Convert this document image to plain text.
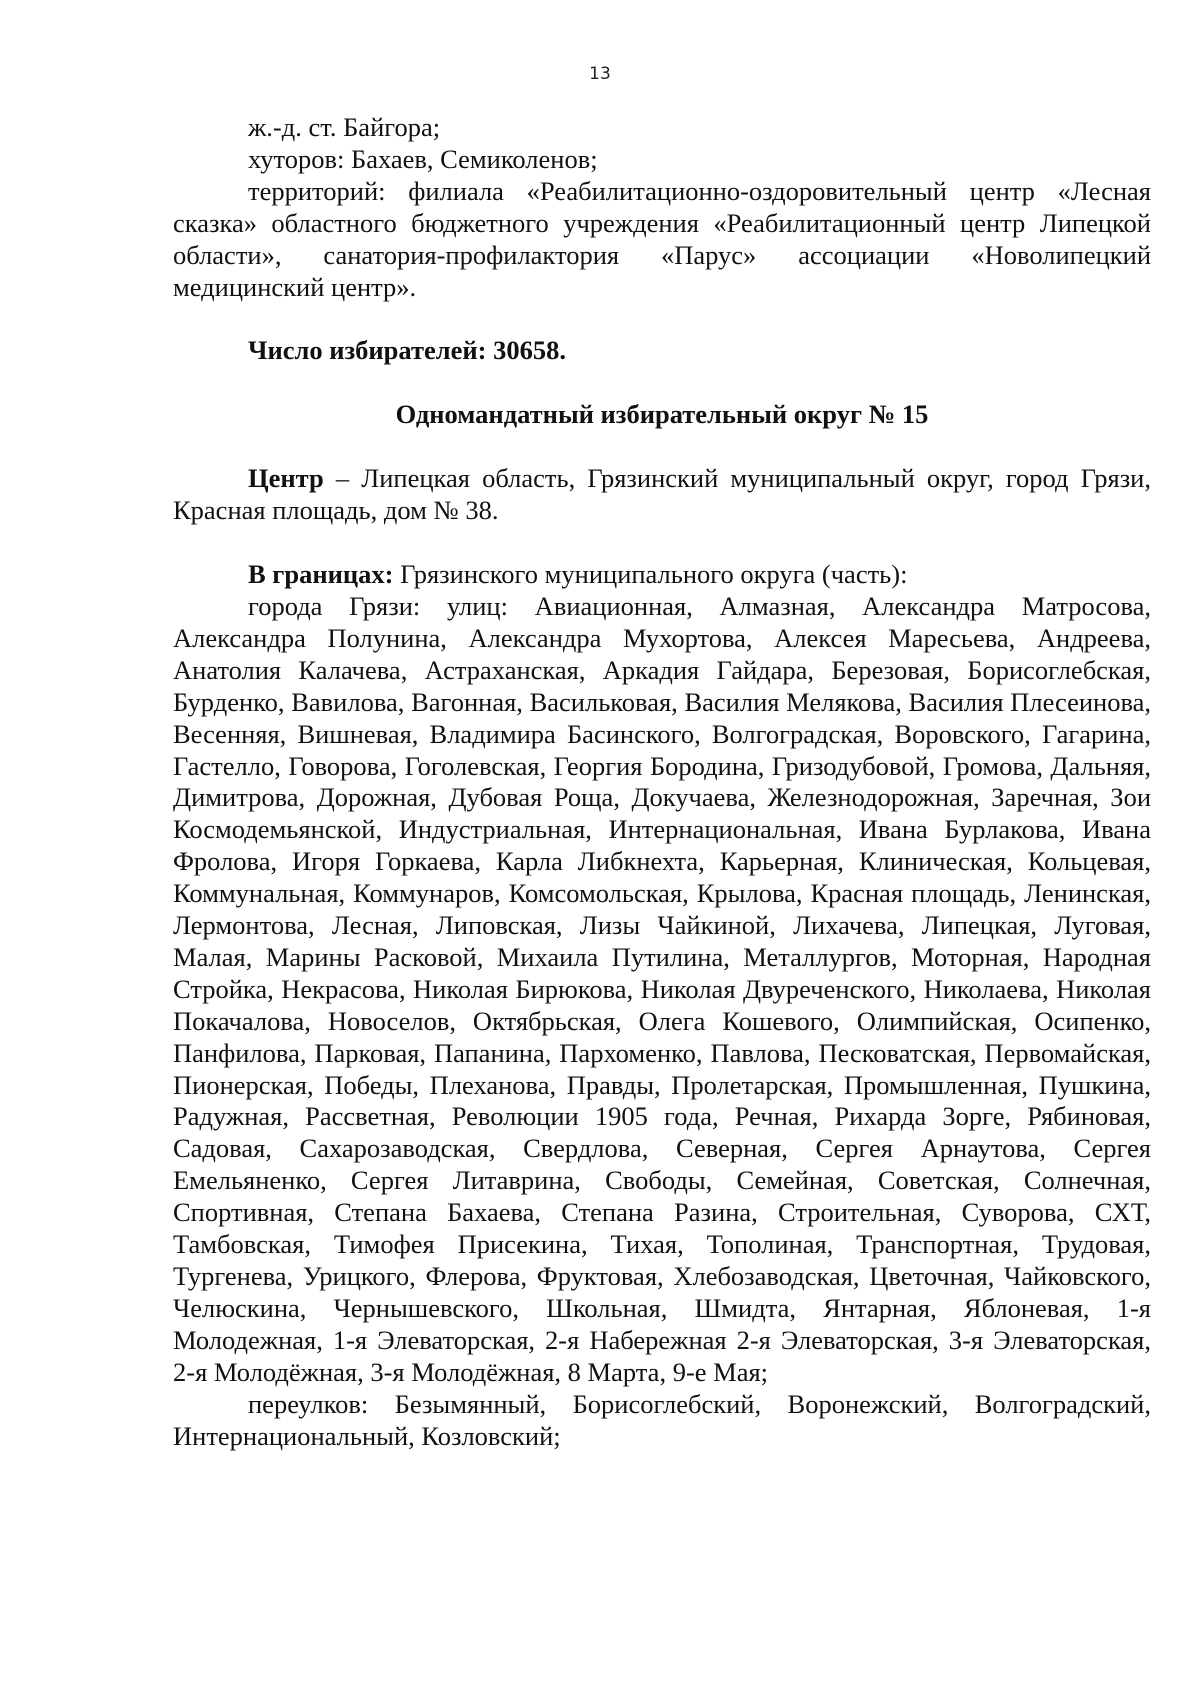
13

ж.-д. ст. Байгора;

хуторов: Бахаев, Семиколенов;

территорий: филиала «Реабилитационно-оздоровительный центр «Лесная сказка» областного бюджетного учреждения «Реабилитационный центр Липецкой области», санатория-профилактория «Парус» ассоциации «Новолипецкий медицинский центр».

Число избирателей: 30658.

Одномандатный избирательный округ № 15

Центр – Липецкая область, Грязинский муниципальный округ, город Грязи, Красная площадь, дом № 38.

В границах: Грязинского муниципального округа (часть):

города Грязи: улиц: Авиационная, Алмазная, Александра Матросова, Александра Полунина, Александра Мухортова, Алексея Маресьева, Андреева, Анатолия Калачева, Астраханская, Аркадия Гайдара, Березовая, Борисоглебская, Бурденко, Вавилова, Вагонная, Васильковая, Василия Мелякова, Василия Плесеинова, Весенняя, Вишневая, Владимира Басинского, Волгоградская, Воровского, Гагарина, Гастелло, Говорова, Гоголевская, Георгия Бородина, Гризодубовой, Громова, Дальняя, Димитрова, Дорожная, Дубовая Роща, Докучаева, Железнодорожная, Заречная, Зои Космодемьянской, Индустриальная, Интернациональная, Ивана Бурлакова, Ивана Фролова, Игоря Горкаева, Карла Либкнехта, Карьерная, Клиническая, Кольцевая, Коммунальная, Коммунаров, Комсомольская, Крылова, Красная площадь, Ленинская, Лермонтова, Лесная, Липовская, Лизы Чайкиной, Лихачева, Липецкая, Луговая, Малая, Марины Расковой, Михаила Путилина, Металлургов, Моторная, Народная Стройка, Некрасова, Николая Бирюкова, Николая Двуреченского, Николаева, Николая Покачалова, Новоселов, Октябрьская, Олега Кошевого, Олимпийская, Осипенко, Панфилова, Парковая, Папанина, Пархоменко, Павлова, Песковатская, Первомайская, Пионерская, Победы, Плеханова, Правды, Пролетарская, Промышленная, Пушкина, Радужная, Рассветная, Революции 1905 года, Речная, Рихарда Зорге, Рябиновая, Садовая, Сахарозаводская, Свердлова, Северная, Сергея Арнаутова, Сергея Емельяненко, Сергея Литаврина, Свободы, Семейная, Советская, Солнечная, Спортивная, Степана Бахаева, Степана Разина, Строительная, Суворова, СХТ, Тамбовская, Тимофея Присекина, Тихая, Тополиная, Транспортная, Трудовая, Тургенева, Урицкого, Флерова, Фруктовая, Хлебозаводская, Цветочная, Чайковского, Челюскина, Чернышевского, Школьная, Шмидта, Янтарная, Яблоневая, 1-я Молодежная, 1-я Элеваторская, 2-я Набережная 2-я Элеваторская, 3-я Элеваторская, 2-я Молодёжная, 3-я Молодёжная, 8 Марта, 9-е Мая;

переулков: Безымянный, Борисоглебский, Воронежский, Волгоградский, Интернациональный, Козловский;
